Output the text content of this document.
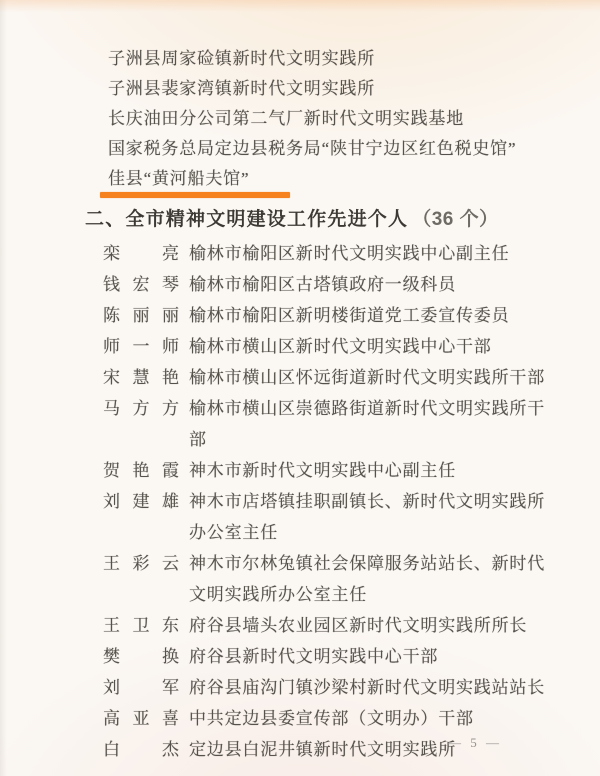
子洲县周家硷镇新时代文明实践所
子洲县裴家湾镇新时代文明实践所
长庆油田分公司第二气厂新时代文明实践基地
国家税务总局定边县税务局“陕甘宁边区红色税史馆”
佳县“黄河船夫馆”
二、全市精神文明建设工作先进个人 （36 个）
栾亮 榆林市榆阳区新时代文明实践中心副主任
钱宏琴 榆林市榆阳区古塔镇政府一级科员
陈丽丽 榆林市榆阳区新明楼街道党工委宣传委员
师一师 榆林市横山区新时代文明实践中心干部
宋慧艳 榆林市横山区怀远街道新时代文明实践所干部
马方方 榆林市横山区崇德路街道新时代文明实践所干部
贺艳霞 神木市新时代文明实践中心副主任
刘建雄 神木市店塔镇挂职副镇长、新时代文明实践所办公室主任
王彩云 神木市尔林兔镇社会保障服务站站长、新时代文明实践所办公室主任
王卫东 府谷县墙头农业园区新时代文明实践所所长
樊换 府谷县新时代文明实践中心干部
刘军 府谷县庙沟门镇沙梁村新时代文明实践站站长
高亚喜 中共定边县委宣传部（文明办）干部
白杰 定边县白泥井镇新时代文明实践所
— 5 —
